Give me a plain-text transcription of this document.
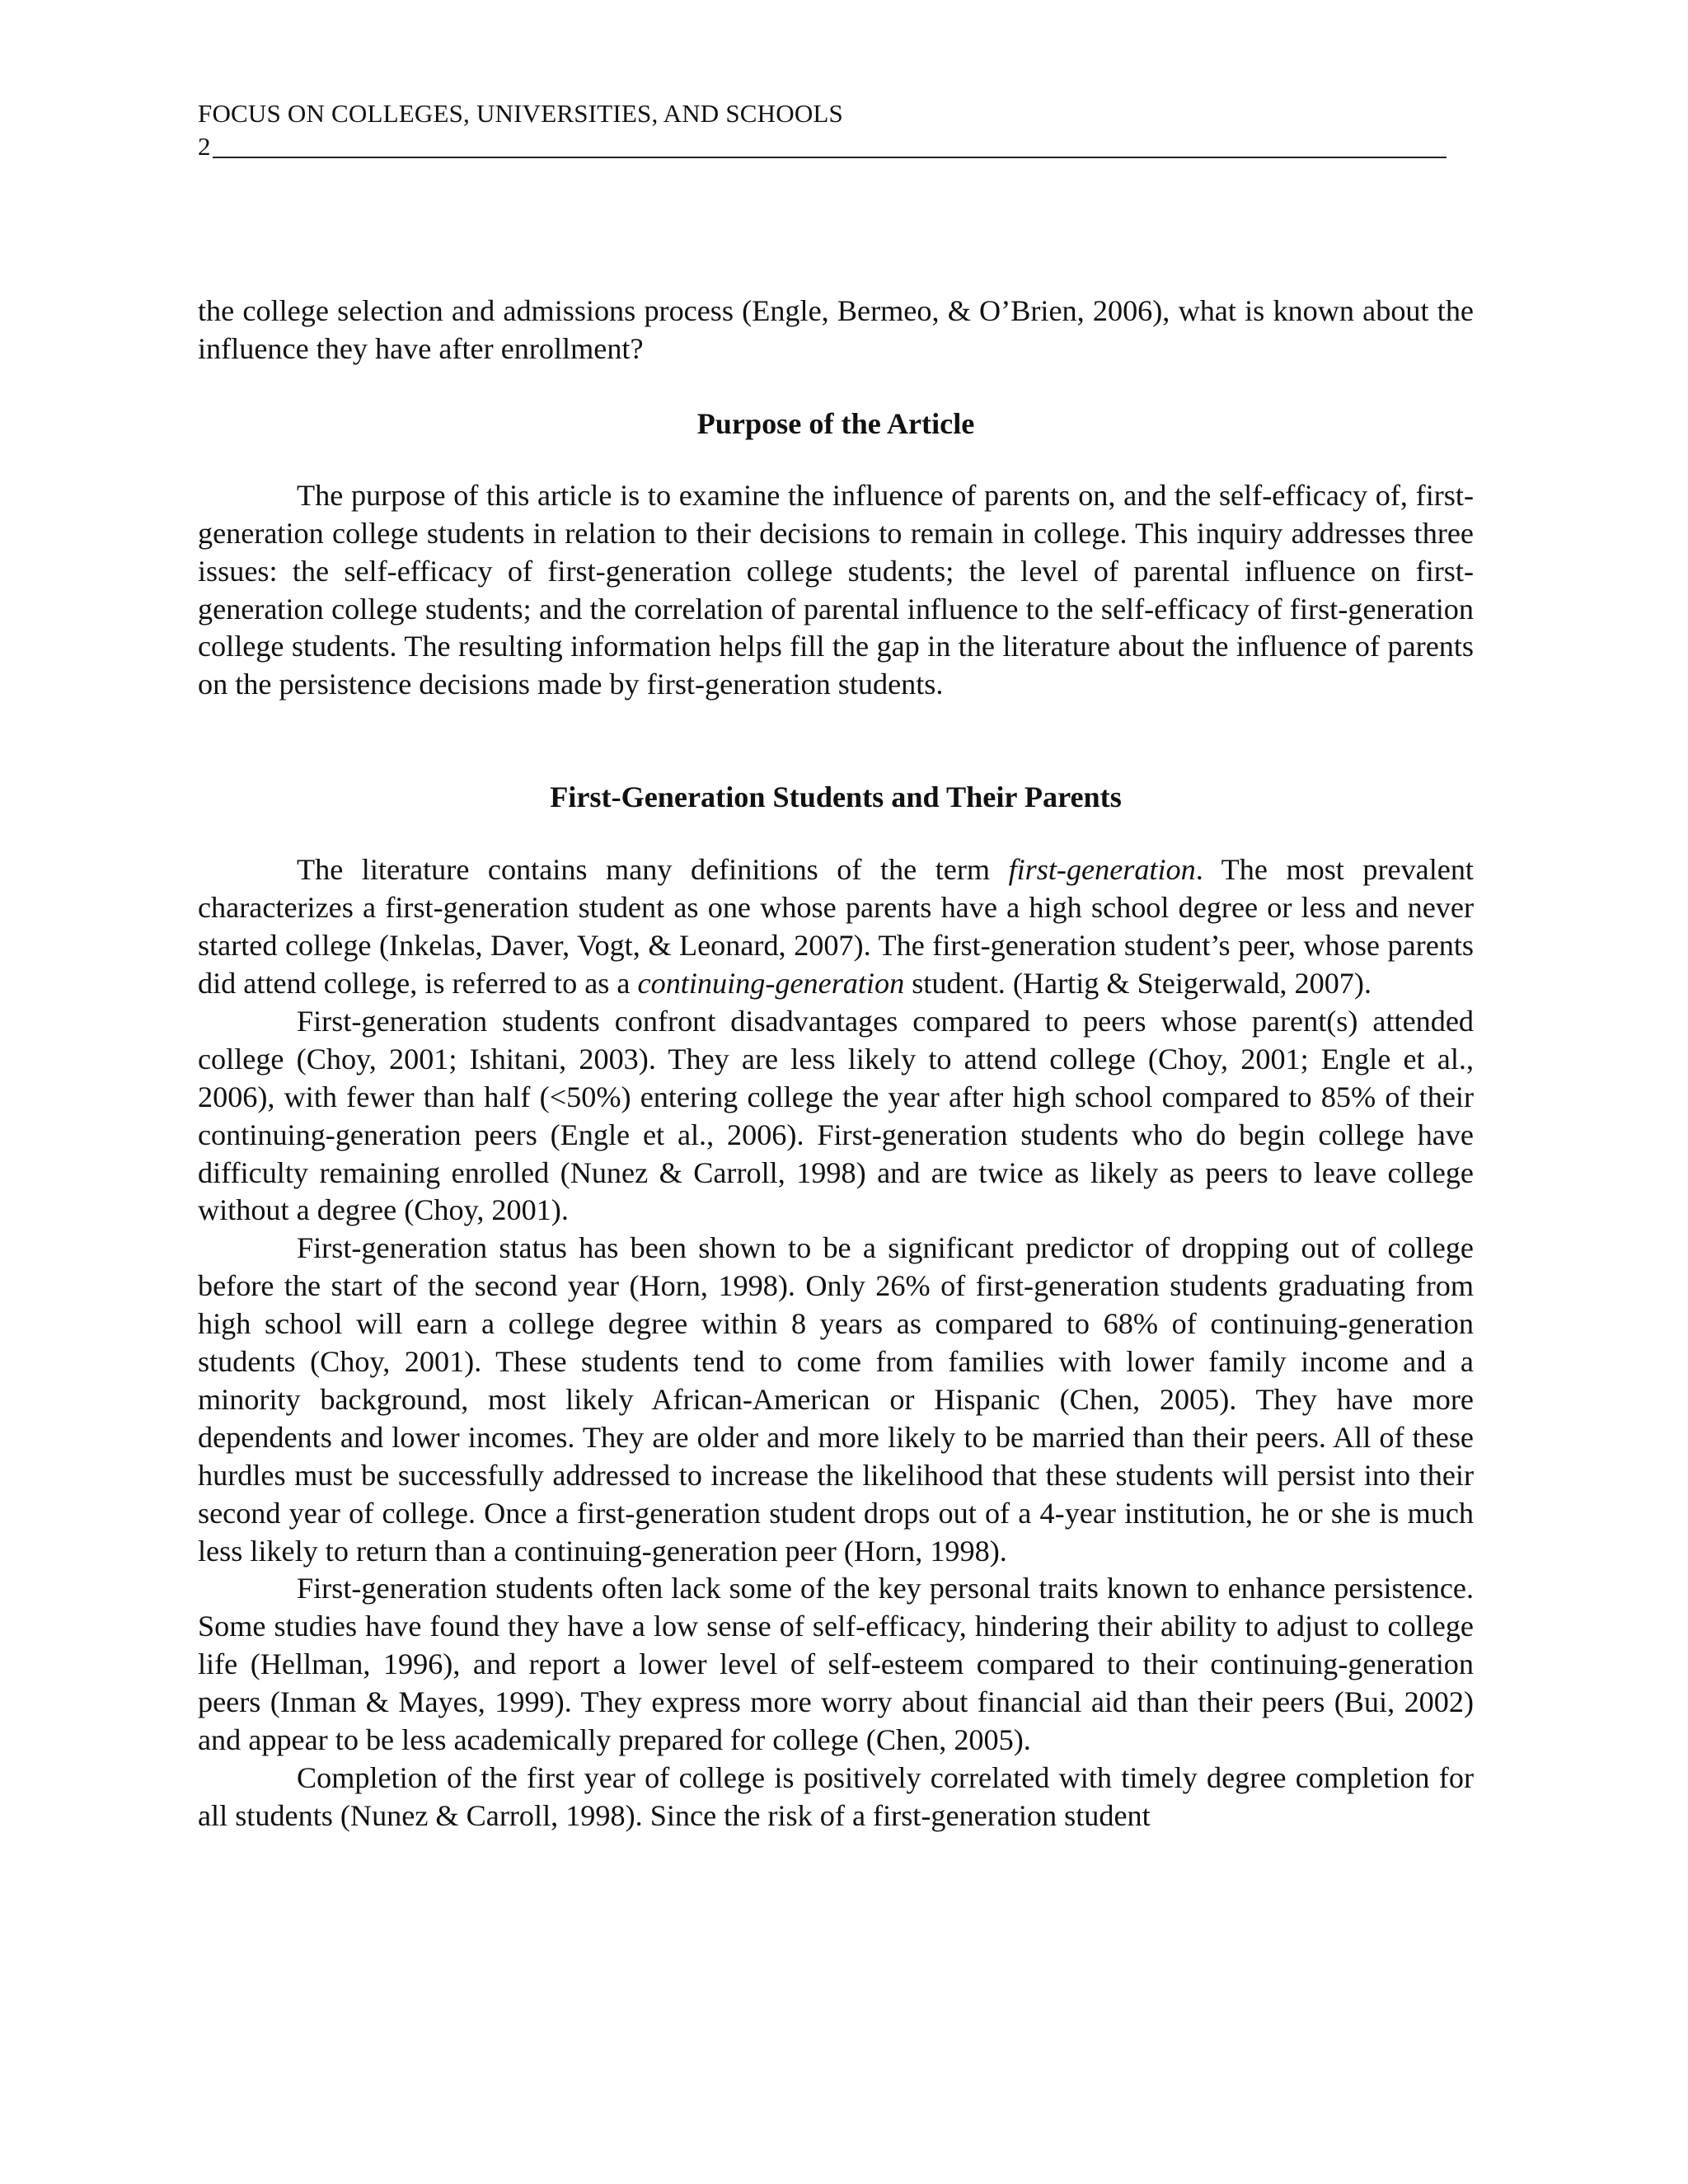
FOCUS ON COLLEGES, UNIVERSITIES, AND SCHOOLS
2

the college selection and admissions process (Engle, Bermeo, & O’Brien, 2006), what is known about the influence they have after enrollment?

Purpose of the Article

The purpose of this article is to examine the influence of parents on, and the self-efficacy of, first-generation college students in relation to their decisions to remain in college. This inquiry addresses three issues: the self-efficacy of first-generation college students; the level of parental influence on first-generation college students; and the correlation of parental influence to the self-efficacy of first-generation college students. The resulting information helps fill the gap in the literature about the influence of parents on the persistence decisions made by first-generation students.

First-Generation Students and Their Parents

The literature contains many definitions of the term first-generation. The most prevalent characterizes a first-generation student as one whose parents have a high school degree or less and never started college (Inkelas, Daver, Vogt, & Leonard, 2007). The first-generation student’s peer, whose parents did attend college, is referred to as a continuing-generation student. (Hartig & Steigerwald, 2007).

First-generation students confront disadvantages compared to peers whose parent(s) attended college (Choy, 2001; Ishitani, 2003). They are less likely to attend college (Choy, 2001; Engle et al., 2006), with fewer than half (<50%) entering college the year after high school compared to 85% of their continuing-generation peers (Engle et al., 2006). First-generation students who do begin college have difficulty remaining enrolled (Nunez & Carroll, 1998) and are twice as likely as peers to leave college without a degree (Choy, 2001).

First-generation status has been shown to be a significant predictor of dropping out of college before the start of the second year (Horn, 1998). Only 26% of first-generation students graduating from high school will earn a college degree within 8 years as compared to 68% of continuing-generation students (Choy, 2001). These students tend to come from families with lower family income and a minority background, most likely African-American or Hispanic (Chen, 2005). They have more dependents and lower incomes. They are older and more likely to be married than their peers. All of these hurdles must be successfully addressed to increase the likelihood that these students will persist into their second year of college. Once a first-generation student drops out of a 4-year institution, he or she is much less likely to return than a continuing-generation peer (Horn, 1998).

First-generation students often lack some of the key personal traits known to enhance persistence. Some studies have found they have a low sense of self-efficacy, hindering their ability to adjust to college life (Hellman, 1996), and report a lower level of self-esteem compared to their continuing-generation peers (Inman & Mayes, 1999). They express more worry about financial aid than their peers (Bui, 2002) and appear to be less academically prepared for college (Chen, 2005).

Completion of the first year of college is positively correlated with timely degree completion for all students (Nunez & Carroll, 1998). Since the risk of a first-generation student
